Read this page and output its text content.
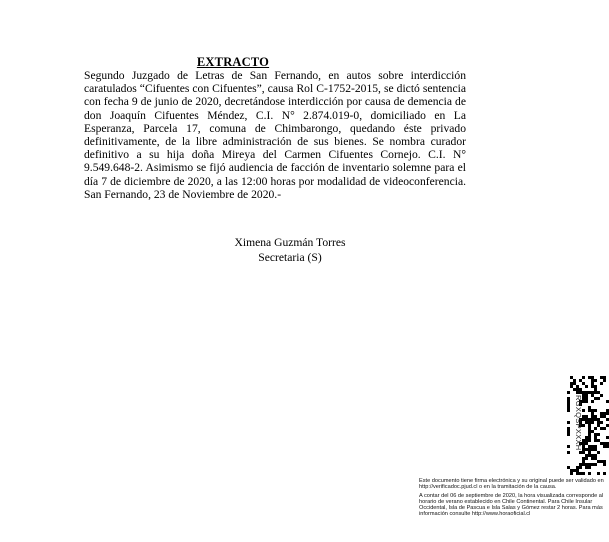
EXTRACTO
Segundo Juzgado de Letras de San Fernando, en autos sobre interdicción caratulados “Cifuentes con Cifuentes”, causa Rol C-1752-2015, se dictó sentencia con fecha 9 de junio de 2020, decretándose interdicción por causa de demencia de don Joaquín Cifuentes Méndez, C.I. N° 2.874.019-0, domiciliado en La Esperanza, Parcela 17, comuna de Chimbarongo, quedando éste privado definitivamente, de la libre administración de sus bienes. Se nombra curador definitivo a su hija doña Mireya del Carmen Cifuentes Cornejo. C.I. N° 9.549.648-2. Asimismo se fijó audiencia de facción de inventario solemne para el día 7 de diciembre de 2020, a las 12:00 horas por modalidad de videoconferencia. San Fernando, 23 de Noviembre de 2020.-
Ximena Guzmán Torres
Secretaria (S)
RGXQSPXXXH

Este documento tiene firma electrónica y su original puede ser validado en http://verificadoc.pjud.cl o en la tramitación de la causa.

A contar del 06 de septiembre de 2020, la hora visualizada corresponde al horario de verano establecido en Chile Continental. Para Chile Insular Occidental, Isla de Pascua e Isla Salas y Gómez restar 2 horas. Para más información consulte http://www.horaoficial.cl
